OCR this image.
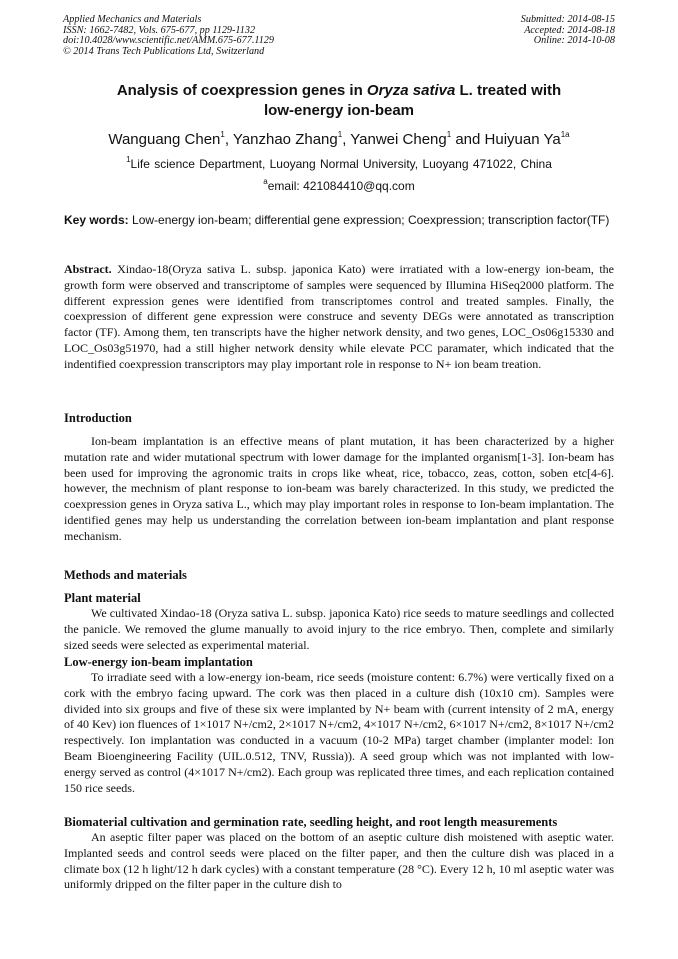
Applied Mechanics and Materials
ISSN: 1662-7482, Vols. 675-677, pp 1129-1132
doi:10.4028/www.scientific.net/AMM.675-677.1129
© 2014 Trans Tech Publications Ltd, Switzerland
Submitted: 2014-08-15
Accepted: 2014-08-18
Online: 2014-10-08
Analysis of coexpression genes in Oryza sativa L. treated with
low-energy ion-beam
Wanguang Chen$^1$, Yanzhao Zhang$^1$, Yanwei Cheng$^1$ and Huiyuan $Ya^{1a}$
$^1$Life science Department, Luoyang Normal University, Luoyang 471022, China
$^a$email: 421084410@qq.com
Key words: Low-energy ion-beam; differential gene expression; Coexpression; transcription factor(TF)
Abstract. Xindao-18(Oryza sativa L. subsp. japonica Kato) were irratiated with a low-energy ion-beam, the growth form were observed and transcriptome of samples were sequenced by Illumina HiSeq2000 platform. The different expression genes were identified from transcriptomes control and treated samples. Finally, the coexpression of different gene expression were construce and seventy DEGs were annotated as transcription factor (TF). Among them, ten transcripts have the higher network density, and two genes, LOC_Os06g15330 and LOC_Os03g51970, had a still higher network density while elevate PCC paramater, which indicated that the indentified coexpression transcriptors may play important role in response to N+ ion beam treation.
Introduction
Ion-beam implantation is an effective means of plant mutation, it has been characterized by a higher mutation rate and wider mutational spectrum with lower damage for the implanted organism[1-3]. Ion-beam has been used for improving the agronomic traits in crops like wheat, rice, tobacco, zeas, cotton, soben etc[4-6]. however, the mechnism of plant response to ion-beam was barely characterized. In this study, we predicted the coexpression genes in Oryza sativa L., which may play important roles in response to Ion-beam implantation. The identified genes may help us understanding the correlation between ion-beam implantation and plant response mechanism.
Methods and materials
Plant material
We cultivated Xindao-18 (Oryza sativa L. subsp. japonica Kato) rice seeds to mature seedlings and collected the panicle. We removed the glume manually to avoid injury to the rice embryo. Then, complete and similarly sized seeds were selected as experimental material.
Low-energy ion-beam implantation
To irradiate seed with a low-energy ion-beam, rice seeds (moisture content: 6.7%) were vertically fixed on a cork with the embryo facing upward. The cork was then placed in a culture dish (10x10 cm). Samples were divided into six groups and five of these six were implanted by N+ beam with (current intensity of 2 mA, energy of 40 Kev) ion fluences of 1×1017 N+/cm2, 2×1017 N+/cm2, 4×1017 N+/cm2, 6×1017 N+/cm2, 8×1017 N+/cm2 respectively. Ion implantation was conducted in a vacuum (10-2 MPa) target chamber (implanter model: Ion Beam Bioengineering Facility (UIL.0.512, TNV, Russia)). A seed group which was not implanted with low-energy served as control (4×1017 N+/cm2). Each group was replicated three times, and each replication contained 150 rice seeds.
Biomaterial cultivation and germination rate, seedling height, and root length measurements
An aseptic filter paper was placed on the bottom of an aseptic culture dish moistened with aseptic water. Implanted seeds and control seeds were placed on the filter paper, and then the culture dish was placed in a climate box (12 h light/12 h dark cycles) with a constant temperature (28 °C). Every 12 h, 10 ml aseptic water was uniformly dripped on the filter paper in the culture dish to
